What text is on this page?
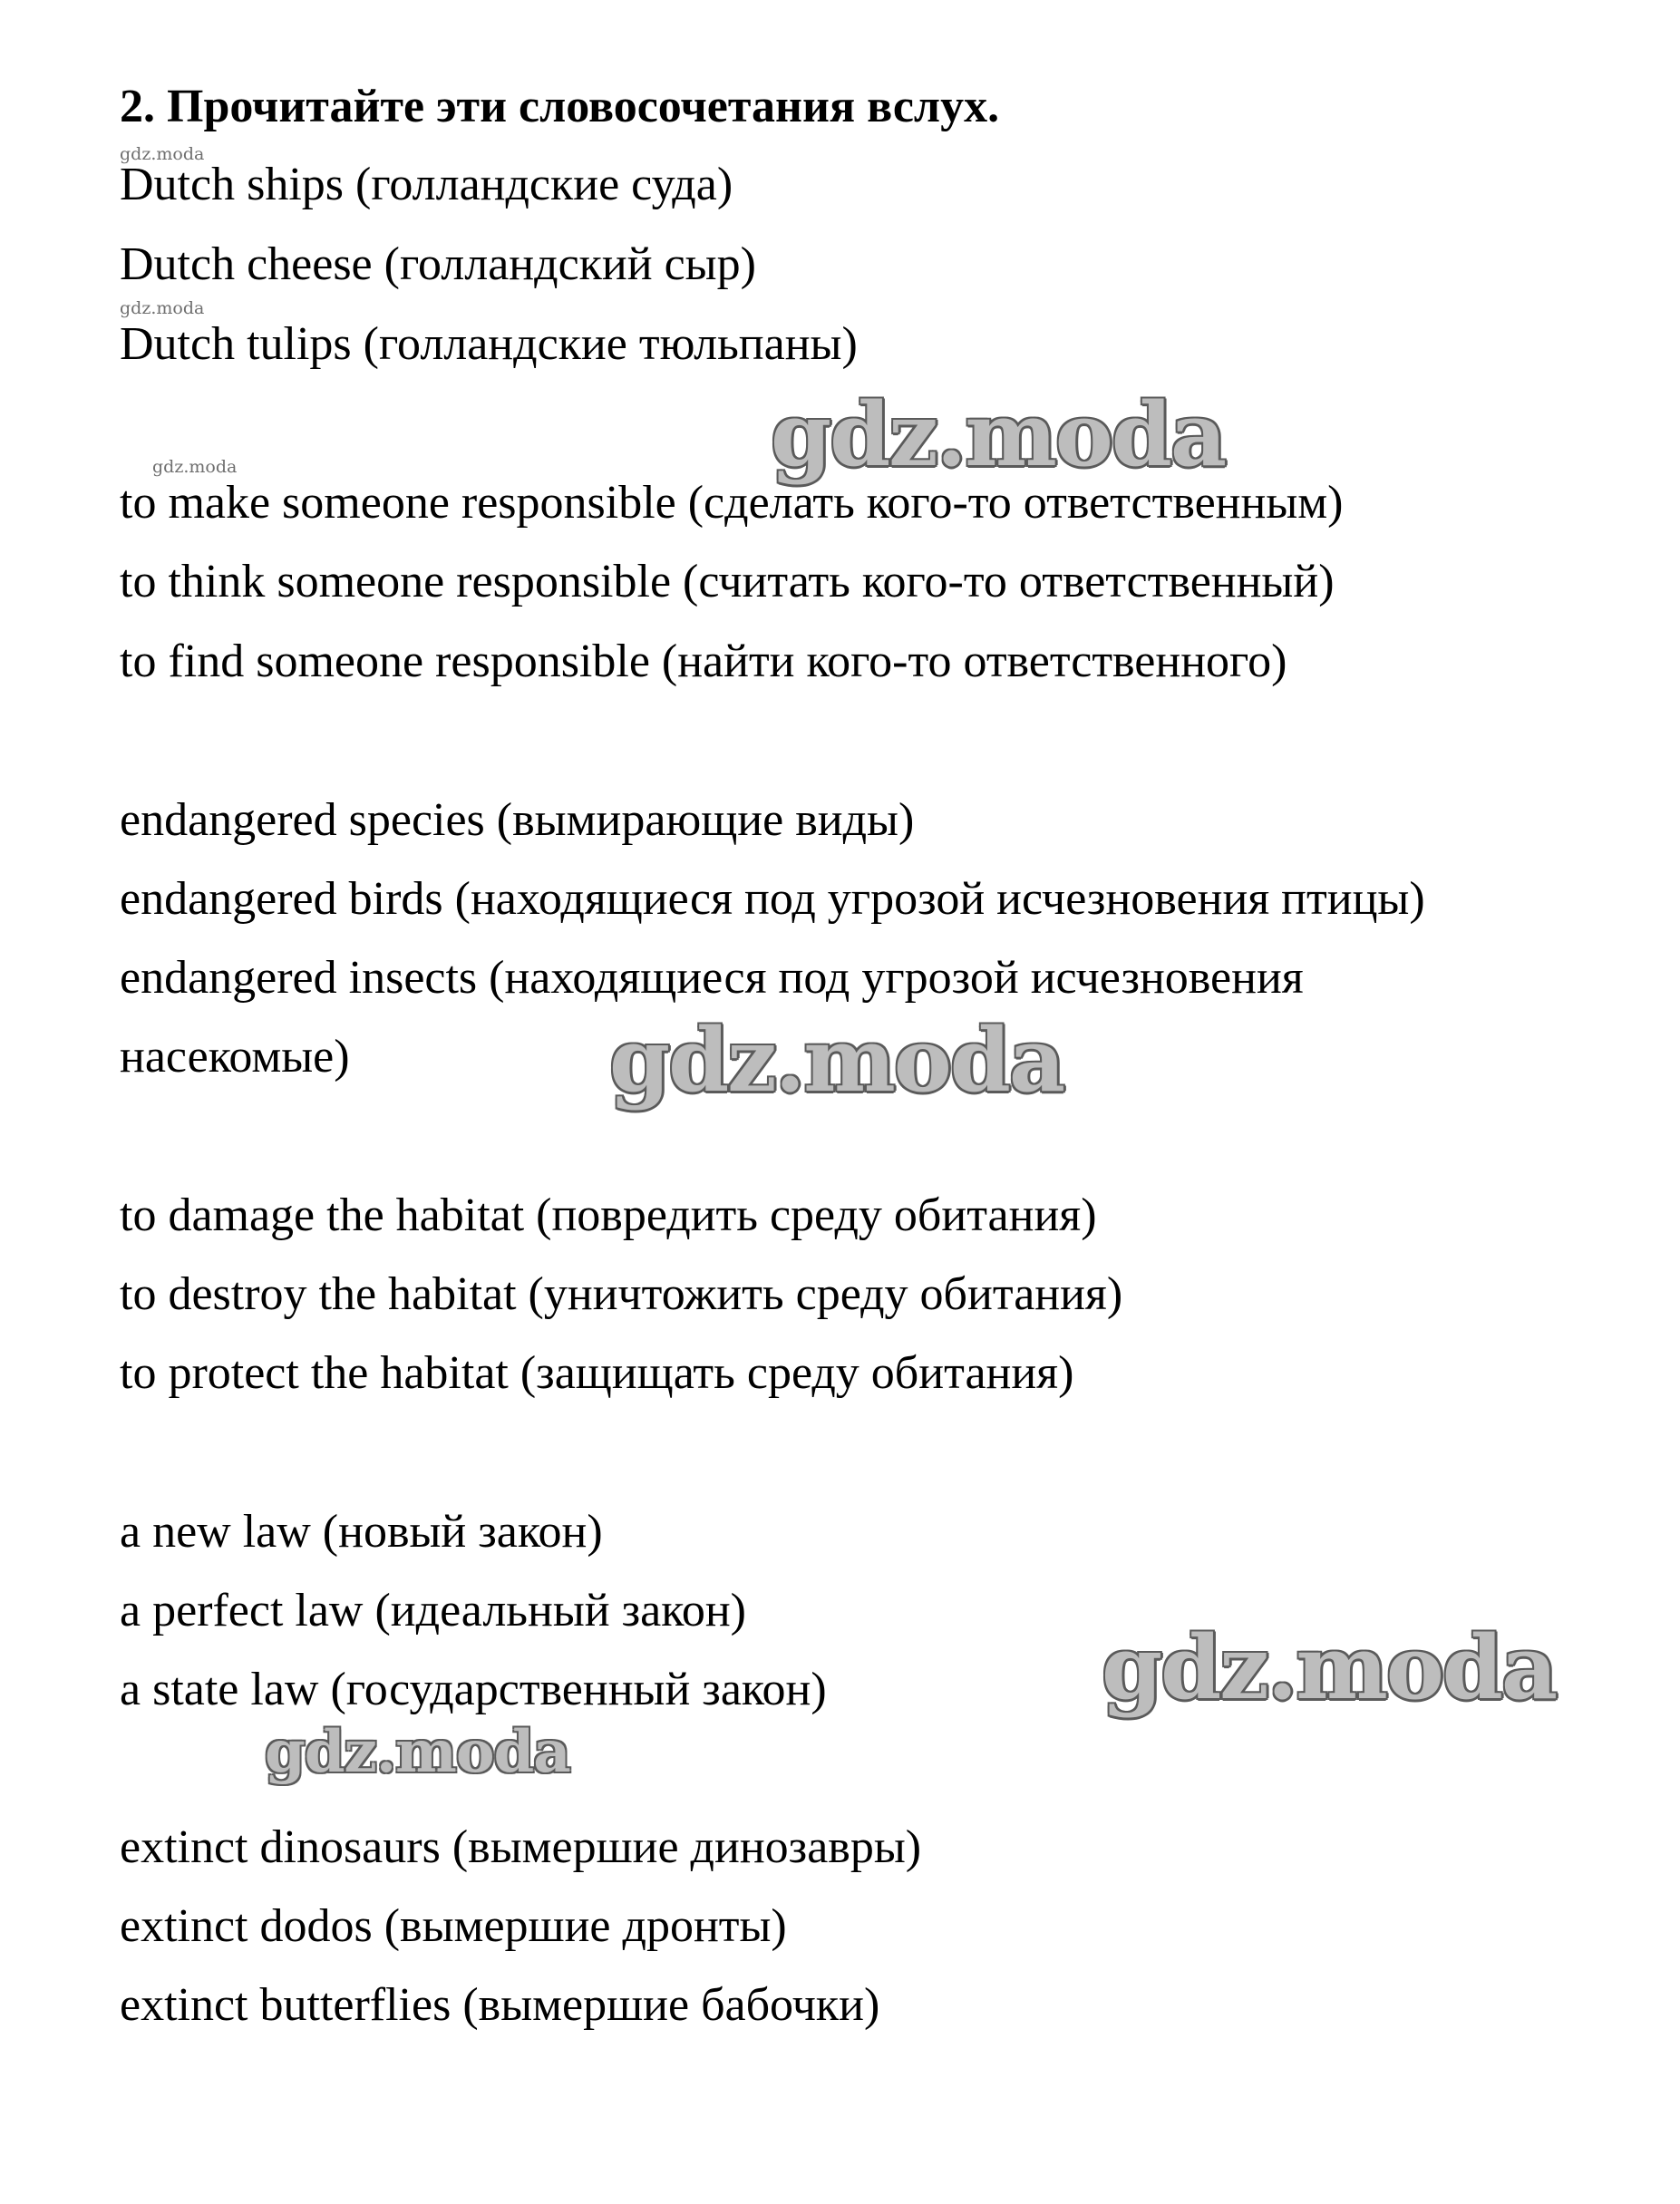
2. Прочитайте эти словосочетания вслух.
gdz.moda
gdz.moda
gdz.moda
Dutch ships (голландские суда)
Dutch cheese (голландский сыр)
Dutch tulips (голландские тюльпаны)
to make someone responsible (сделать кого-то ответственным)
to think someone responsible (считать кого-то ответственный)
to find someone responsible (найти кого-то ответственного)
endangered species (вымирающие виды)
endangered birds (находящиеся под угрозой исчезновения птицы)
endangered insects (находящиеся под угрозой исчезновения
насекомые)
to damage the habitat (повредить среду обитания)
to destroy the habitat (уничтожить среду обитания)
to protect the habitat (защищать среду обитания)
a new law (новый закон)
a perfect law (идеальный закон)
a state law (государственный закон)
extinct dinosaurs (вымершие динозавры)
extinct dodos (вымершие дронты)
extinct butterflies (вымершие бабочки)
gdz.moda
gdz.moda
gdz.moda
gdz.moda
